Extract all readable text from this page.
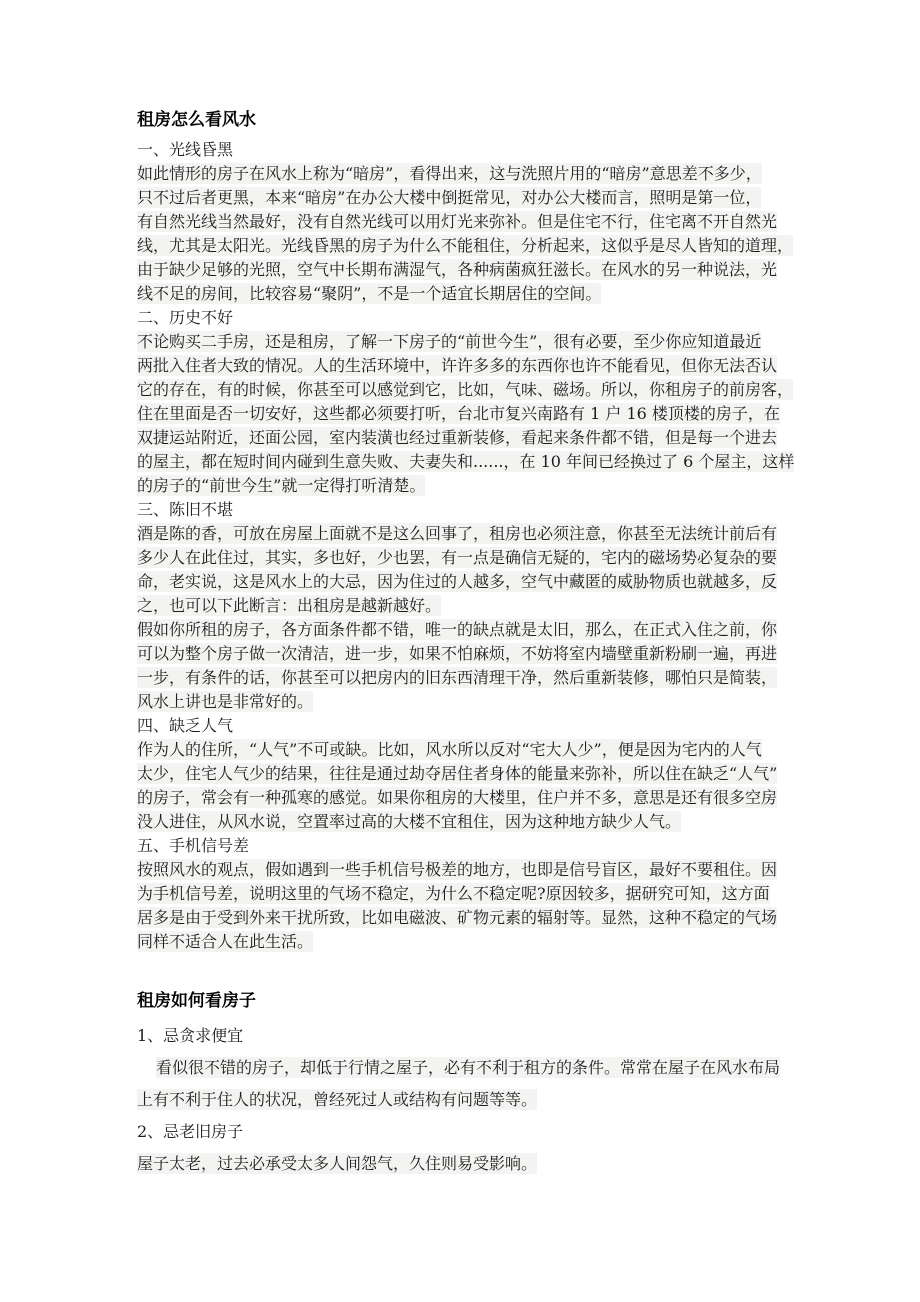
租房怎么看风水
一、光线昏黑
如此情形的房子在风水上称为“暗房”，看得出来，这与洗照片用的“暗房”意思差不多少，
只不过后者更黑，本来“暗房”在办公大楼中倒挺常见，对办公大楼而言，照明是第一位，
有自然光线当然最好，没有自然光线可以用灯光来弥补。但是住宅不行，住宅离不开自然光
线，尤其是太阳光。光线昏黑的房子为什么不能租住，分析起来，这似乎是尽人皆知的道理，
由于缺少足够的光照，空气中长期布满湿气，各种病菌疯狂滋长。在风水的另一种说法，光
线不足的房间，比较容易“聚阴”，不是一个适宜长期居住的空间。
二、历史不好
不论购买二手房，还是租房，了解一下房子的“前世今生”，很有必要，至少你应知道最近
两批入住者大致的情况。人的生活环境中，许许多多的东西你也许不能看见，但你无法否认
它的存在，有的时候，你甚至可以感觉到它，比如，气味、磁场。所以，你租房子的前房客，
住在里面是否一切安好，这些都必须要打听，台北市复兴南路有 1 户 16 楼顶楼的房子，在
双捷运站附近，还面公园，室内装潢也经过重新装修，看起来条件都不错，但是每一个进去
的屋主，都在短时间内碰到生意失败、夫妻失和......，在 10 年间已经换过了 6 个屋主，这样
的房子的“前世今生”就一定得打听清楚。
三、陈旧不堪
酒是陈的香，可放在房屋上面就不是这么回事了，租房也必须注意，你甚至无法统计前后有
多少人在此住过，其实，多也好，少也罢，有一点是确信无疑的，宅内的磁场势必复杂的要
命，老实说，这是风水上的大忌，因为住过的人越多，空气中藏匿的威胁物质也就越多，反
之，也可以下此断言：出租房是越新越好。
假如你所租的房子，各方面条件都不错，唯一的缺点就是太旧，那么，在正式入住之前，你
可以为整个房子做一次清洁，进一步，如果不怕麻烦，不妨将室内墙壁重新粉刷一遍，再进
一步，有条件的话，你甚至可以把房内的旧东西清理干净，然后重新装修，哪怕只是简装，
风水上讲也是非常好的。
四、缺乏人气
作为人的住所，“人气”不可或缺。比如，风水所以反对“宅大人少”，便是因为宅内的人气
太少，住宅人气少的结果，往往是通过劫夺居住者身体的能量来弥补，所以住在缺乏“人气”
的房子，常会有一种孤寒的感觉。如果你租房的大楼里，住户并不多，意思是还有很多空房
没人进住，从风水说，空置率过高的大楼不宜租住，因为这种地方缺少人气。
五、手机信号差
按照风水的观点，假如遇到一些手机信号极差的地方，也即是信号盲区，最好不要租住。因
为手机信号差，说明这里的气场不稳定，为什么不稳定呢?原因较多，据研究可知，这方面
居多是由于受到外来干扰所致，比如电磁波、矿物元素的辐射等。显然，这种不稳定的气场
同样不适合人在此生活。
租房如何看房子
1、忌贪求便宜
看似很不错的房子，却低于行情之屋子，必有不利于租方的条件。常常在屋子在风水布局
上有不利于住人的状况，曾经死过人或结构有问题等等。
2、忌老旧房子
屋子太老，过去必承受太多人间怨气，久住则易受影响。
